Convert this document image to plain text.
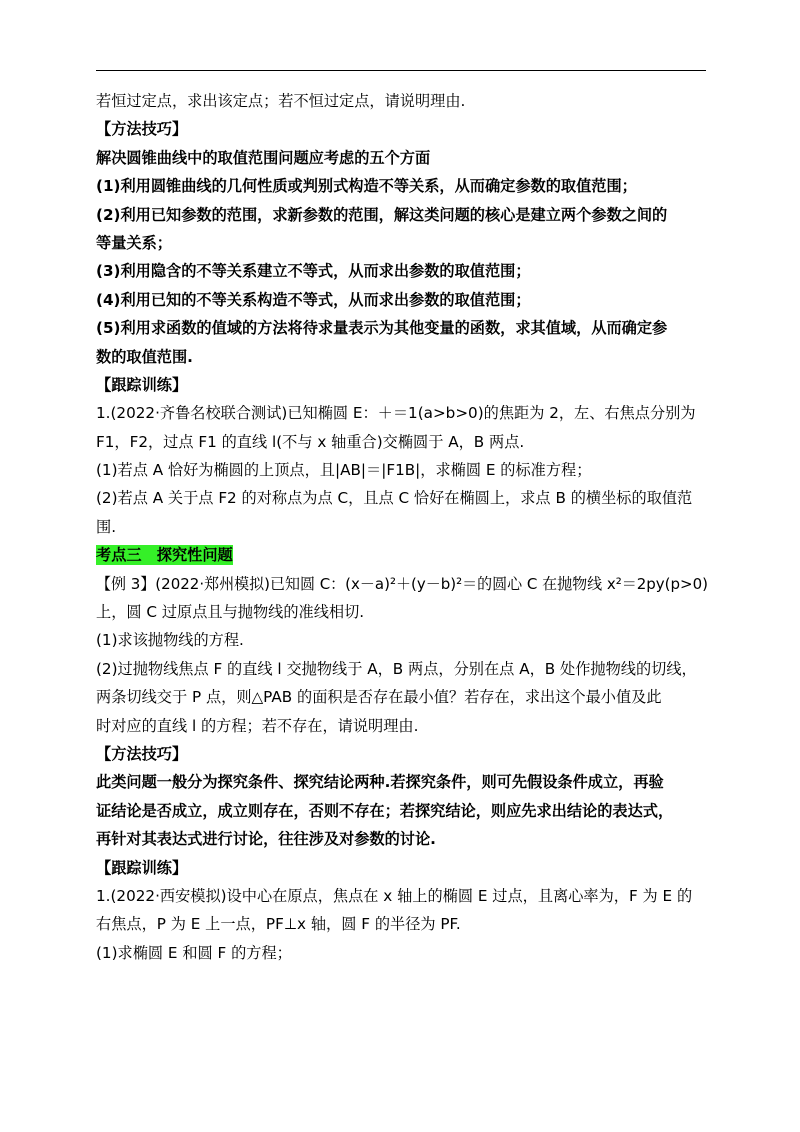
若恒过定点，求出该定点；若不恒过定点，请说明理由.
【方法技巧】
解决圆锥曲线中的取值范围问题应考虑的五个方面
(1)利用圆锥曲线的几何性质或判别式构造不等关系，从而确定参数的取值范围；
(2)利用已知参数的范围，求新参数的范围，解这类问题的核心是建立两个参数之间的
等量关系；
(3)利用隐含的不等关系建立不等式，从而求出参数的取值范围；
(4)利用已知的不等关系构造不等式，从而求出参数的取值范围；
(5)利用求函数的值域的方法将待求量表示为其他变量的函数，求其值域，从而确定参
数的取值范围.
【跟踪训练】
1.(2022·齐鲁名校联合测试)已知椭圆 E：＋＝1(a>b>0)的焦距为 2，左、右焦点分别为
F1，F2，过点 F1 的直线 l(不与 x 轴重合)交椭圆于 A，B 两点.
(1)若点 A 恰好为椭圆的上顶点，且|AB|＝|F1B|，求椭圆 E 的标准方程；
(2)若点 A 关于点 F2 的对称点为点 C，且点 C 恰好在椭圆上，求点 B 的横坐标的取值范
围.
考点三　探究性问题
【例 3】(2022·郑州模拟)已知圆 C：(x－a)²＋(y－b)²＝的圆心 C 在抛物线 x²＝2py(p>0)
上，圆 C 过原点且与抛物线的准线相切.
(1)求该抛物线的方程.
(2)过抛物线焦点 F 的直线 l 交抛物线于 A，B 两点，分别在点 A，B 处作抛物线的切线，
两条切线交于 P 点，则△PAB 的面积是否存在最小值？若存在，求出这个最小值及此
时对应的直线 l 的方程；若不存在，请说明理由.
【方法技巧】
此类问题一般分为探究条件、探究结论两种.若探究条件，则可先假设条件成立，再验
证结论是否成立，成立则存在，否则不存在；若探究结论，则应先求出结论的表达式，
再针对其表达式进行讨论，往往涉及对参数的讨论.
【跟踪训练】
1.(2022·西安模拟)设中心在原点，焦点在 x 轴上的椭圆 E 过点，且离心率为，F 为 E 的
右焦点，P 为 E 上一点，PF⊥x 轴，圆 F 的半径为 PF.
(1)求椭圆 E 和圆 F 的方程；
